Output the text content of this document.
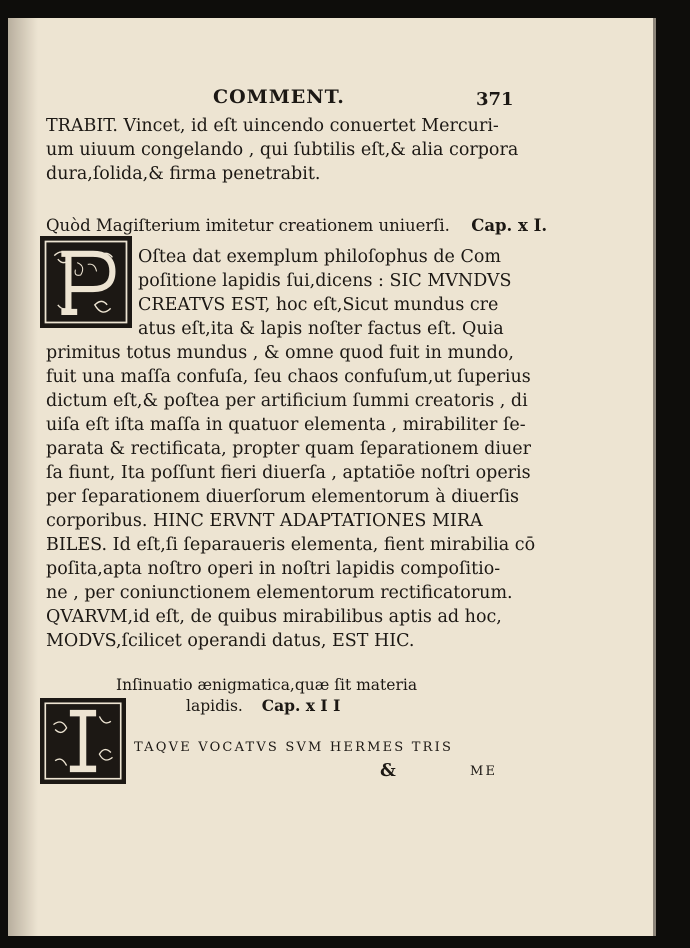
COMMENT.	371
TRABIT. Vincet, id eſt uincendo conuertet Mercuri-
um uiuum congelando , qui ſubtilis eſt,& alia corpora
dura,ſolida,& firma penetrabit.
Quòd Magiſterium imitetur creationem uniuerſi. Cap. x I.
Oſtea dat exemplum philoſophus de Com
poſitione lapidis ſui,dicens : SIC MVNDVS
CREATVS EST, hoc eſt,Sicut mundus cre
atus eſt,ita & lapis noſter factus eſt. Quia
primitus totus mundus , & omne quod fuit in mundo,
fuit una maſſa confuſa, ſeu chaos confuſum,ut ſuperius
dictum eſt,& poſtea per artificium ſummi creatoris , di
uiſa eſt iſta maſſa in quatuor elementa , mirabiliter ſe-
parata & rectificata, propter quam ſeparationem diuer
ſa fiunt, Ita poſſunt fieri diuerſa , aptatiōe noſtri operis
per ſeparationem diuerſorum elementorum à diuerſis
corporibus. HINC ERVNT ADAPTATIONES MIRA
BILES. Id eſt,ſi ſeparaueris elementa, fient mirabilia cō
poſita,apta noſtro operi in noſtri lapidis compoſitio-
ne , per coniunctionem elementorum rectificatorum.
QVARVM,id eſt, de quibus mirabilibus aptis ad hoc,
MODVS,ſcilicet operandi datus, EST HIC.
Inſinuatio ænigmatica,quæ ſit materia
lapidis. Cap. x I I
TAQVE VOCATVS SVM HERMES TRIS
&	ME
